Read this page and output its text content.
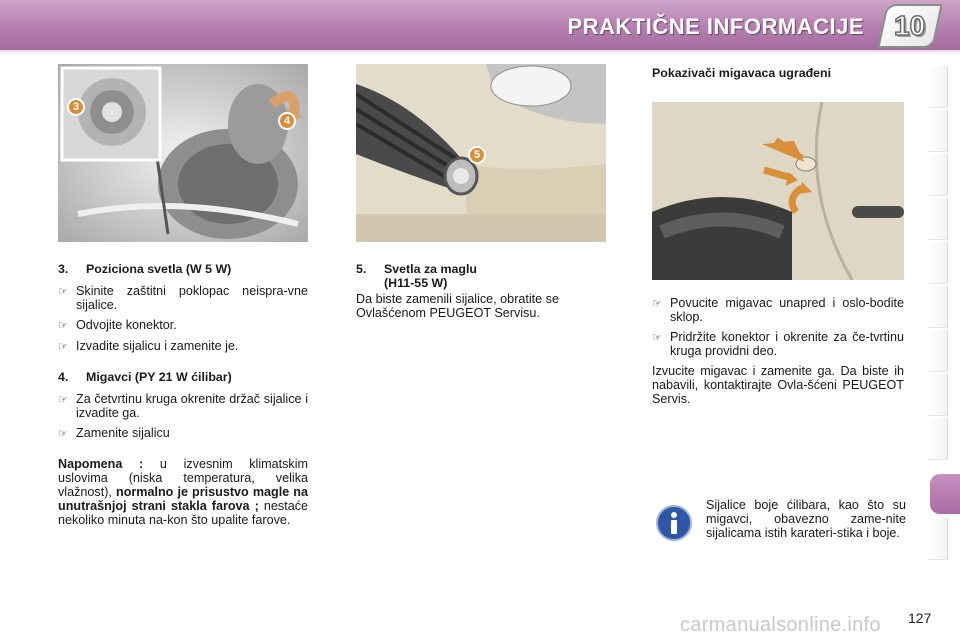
PRAKTIČNE INFORMACIJE 10
3
4
5

3. Poziciona svetla (W 5 W)

☞ Skinite zaštitni poklopac neispra-vne sijalice.
☞ Odvojite konektor.
☞ Izvadite sijalicu i zamenite je.

4. Migavci (PY 21 W ćilibar)

☞ Za četvrtinu kruga okrenite držač sijalice i izvadite ga.
☞ Zamenite sijalicu

Napomena : u izvesnim klimatskim uslovima (niska temperatura, velika vlažnost), normalno je prisustvo magle na unutrašnjoj strani stakla farova ; nestaće nekoliko minuta na-kon što upalite farove.

5.	Svetla za maglu
(H11-55 W)

Da biste zamenili sijalice, obratite se Ovlašćenom PEUGEOT Servisu.

Pokazivači migavaca ugrađeni

☞ Povucite migavac unapred i oslo-bodite sklop.
☞ Pridržite konektor i okrenite za če-tvrtinu kruga providni deo.

Izvucite migavac i zamenite ga. Da biste ih nabavili, kontaktirajte Ovla-šćeni PEUGEOT Servis.

Sijalice boje ćilibara, kao što su migavci, obavezno zame-nite sijalicama istih karateri-stika i boje.
carmanualsonline.info 127
